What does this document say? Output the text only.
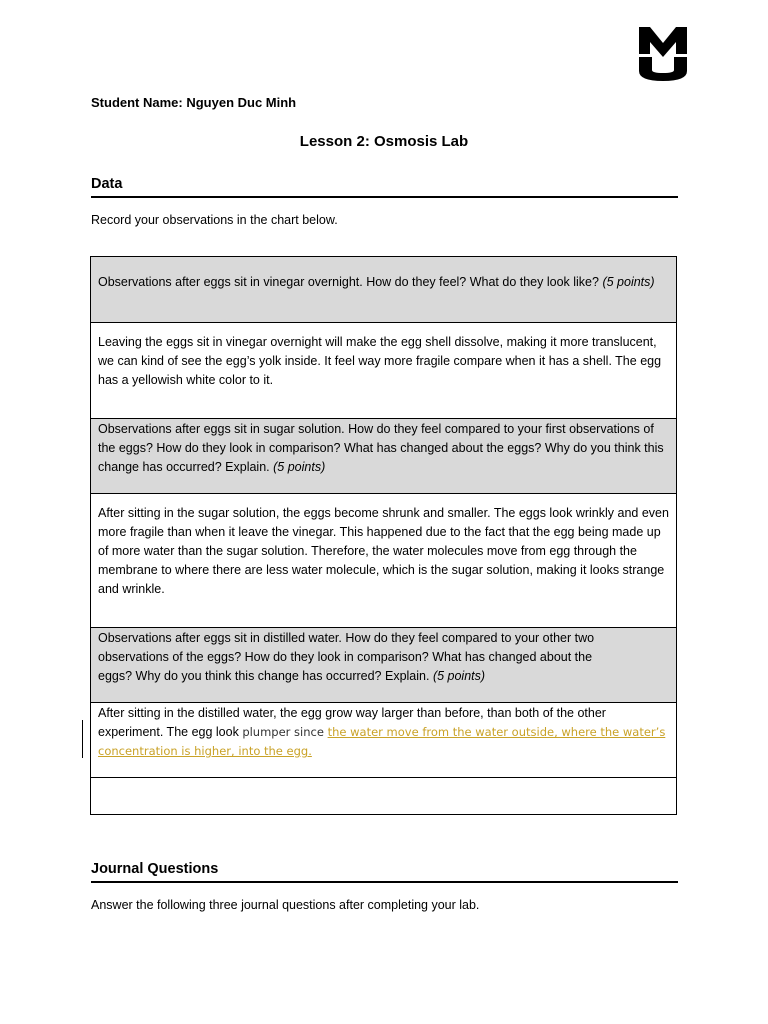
Student Name: Nguyen Duc Minh
Lesson 2: Osmosis Lab
Data
Record your observations in the chart below.
Observations after eggs sit in vinegar overnight. How do they feel? What do they look like? (5 points)
Leaving the eggs sit in vinegar overnight will make the egg shell dissolve, making it more translucent, we can kind of see the egg’s yolk inside. It feel way more fragile compare when it has a shell. The egg has a yellowish white color to it.
Observations after eggs sit in sugar solution. How do they feel compared to your first observations of the eggs? How do they look in comparison? What has changed about the eggs? Why do you think this change has occurred? Explain. (5 points)
After sitting in the sugar solution, the eggs become shrunk and smaller. The eggs look wrinkly and even more fragile than when it leave the vinegar. This happened due to the fact that the egg being made up of more water than the sugar solution. Therefore, the water molecules move from egg through the membrane to where there are less water molecule, which is the sugar solution, making it looks strange and wrinkle.
Observations after eggs sit in distilled water. How do they feel compared to your other two observations of the eggs? How do they look in comparison? What has changed about the eggs? Why do you think this change has occurred? Explain. (5 points)
After sitting in the distilled water, the egg grow way larger than before, than both of the other experiment. The egg look plumper since the water move from the water outside, where the water’s concentration is higher, into the egg.

Journal Questions
Answer the following three journal questions after completing your lab.
